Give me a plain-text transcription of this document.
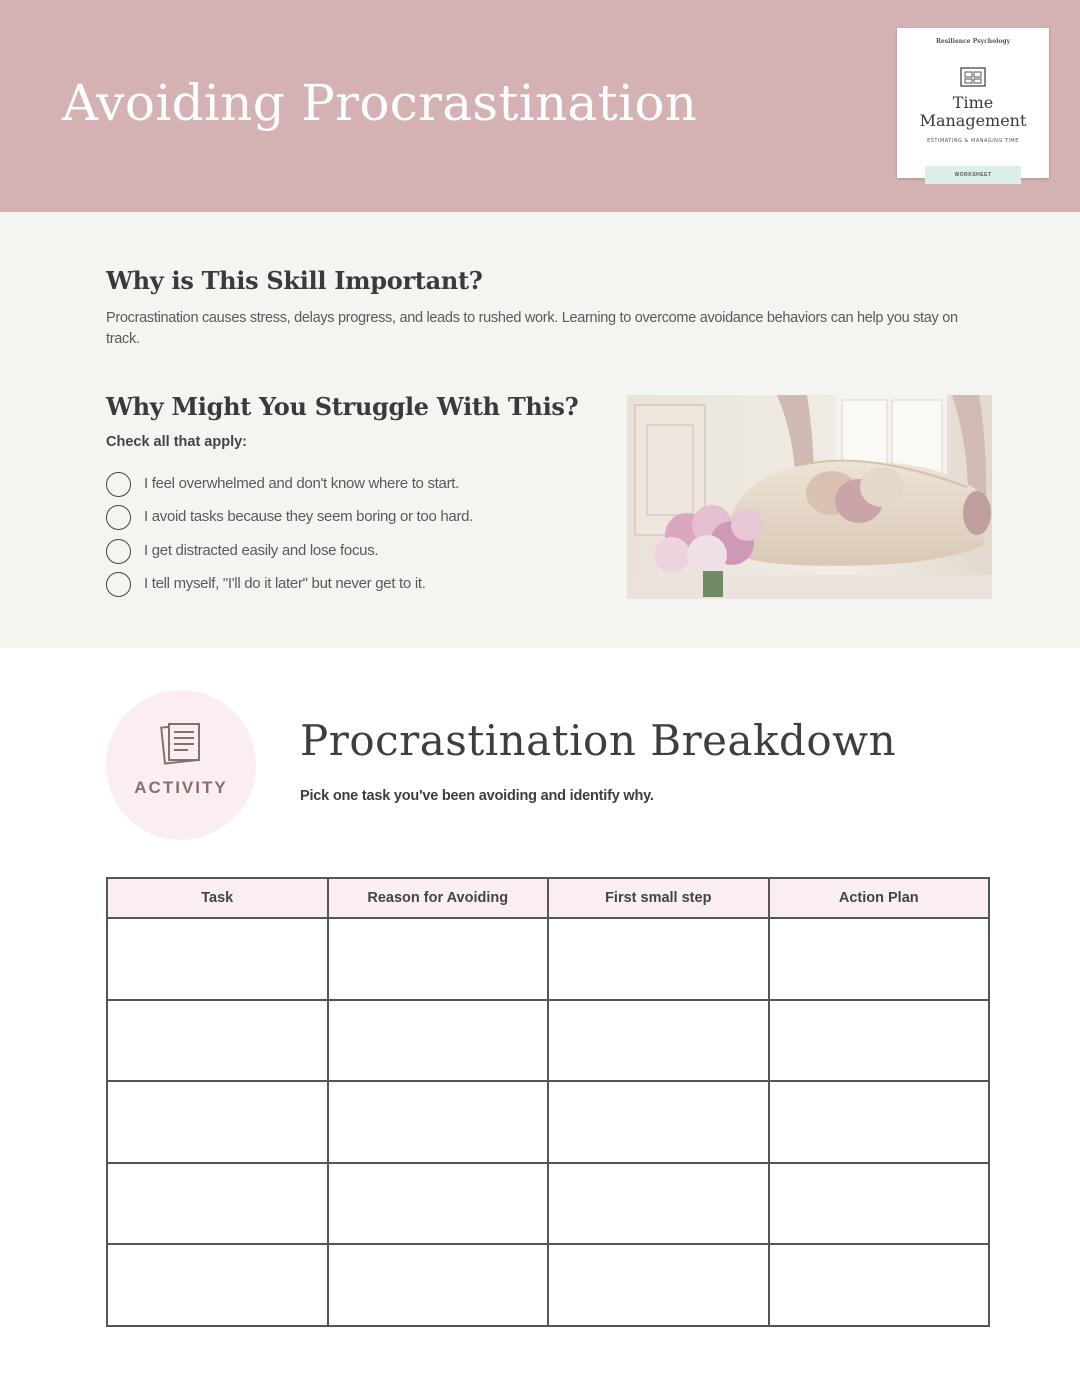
Avoiding Procrastination
Resilience Psychology
Time Management
ESTIMATING & MANAGING TIME
WORKSHEET
Why is This Skill Important?
Procrastination causes stress, delays progress, and leads to rushed work. Learning to overcome avoidance behaviors can help you stay on track.
Why Might You Struggle With This?
Check all that apply:
I feel overwhelmed and don't know where to start.
I avoid tasks because they seem boring or too hard.
I get distracted easily and lose focus.
I tell myself, "I'll do it later" but never get to it.
ACTIVITY
Procrastination Breakdown
Pick one task you've been avoiding and identify why.
Task	Reason for Avoiding	First small step	Action Plan
